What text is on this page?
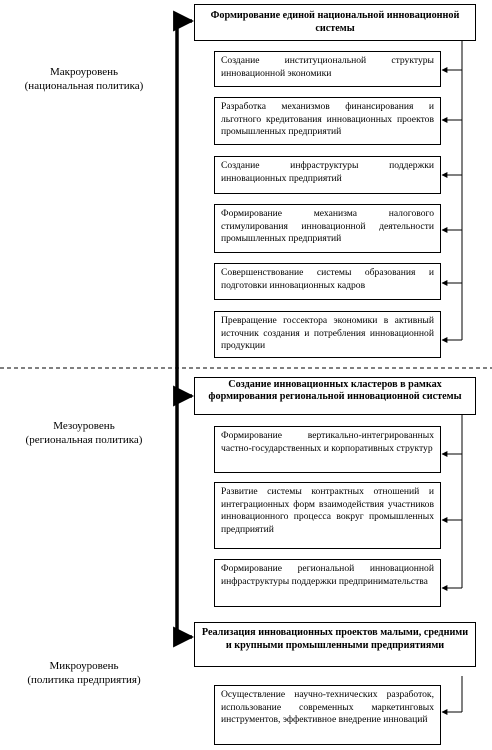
Макроуровень
(национальная политика)
Мезоуровень
(региональная политика)
Микроуровень
(политика предприятия)
Формирование единой национальной инновационной системы
Создание институциональной структуры инновационной экономики
Разработка механизмов финансирования и льготного кредитования инновационных проектов промышленных предприятий
Создание инфраструктуры поддержки инновационных предприятий
Формирование механизма налогового стимулирования инновационной деятельности промышленных предприятий
Совершенствование системы образования и подготовки инновационных кадров
Превращение госсектора экономики в активный источник создания и потребления инновационной продукции
Создание инновационных кластеров в рамках формирования региональной инновационной системы
Формирование вертикально-интегрированных частно-государственных и корпоративных структур
Развитие системы контрактных отношений и интеграционных форм взаимодействия участников инновационного процесса вокруг промышленных предприятий
Формирование региональной инновационной инфраструктуры поддержки предпринимательства
Реализация инновационных проектов малыми, средними и крупными промышленными предприятиями
Осуществление научно-технических разработок, использование современных маркетинговых инструментов, эффективное внедрение инноваций
